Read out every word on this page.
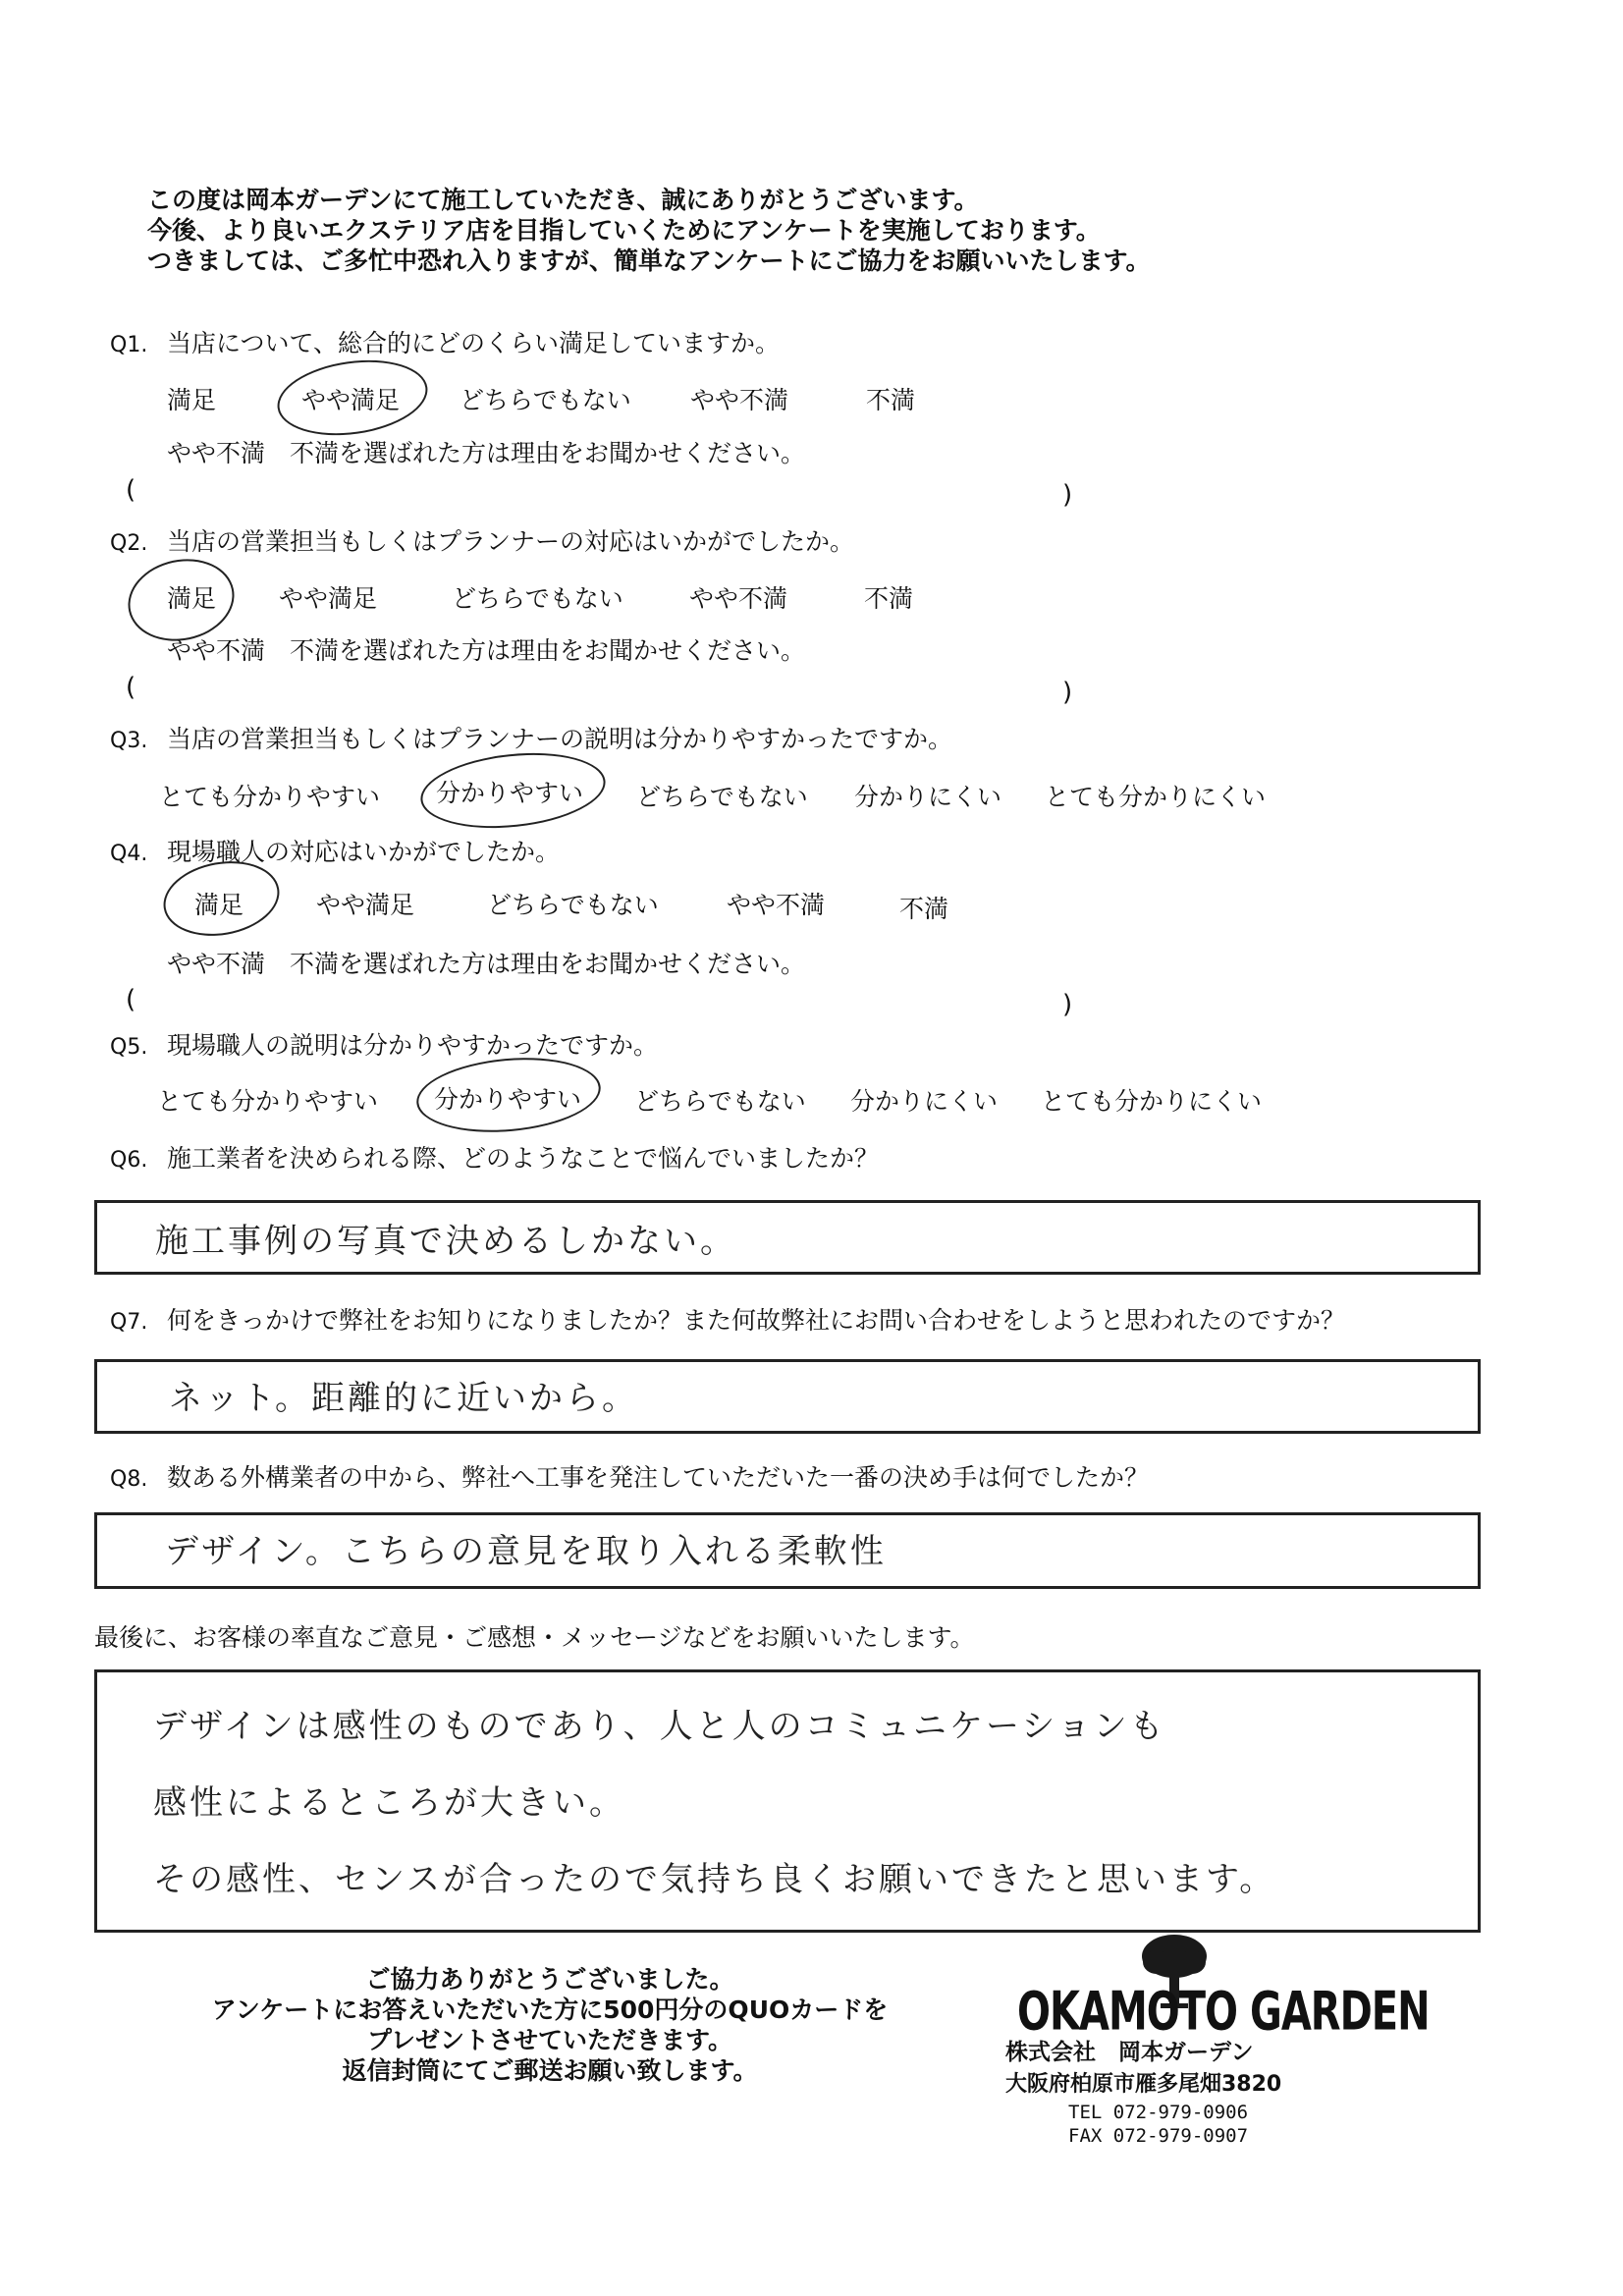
この度は岡本ガーデンにて施工していただき、誠にありがとうございます。
今後、より良いエクステリア店を目指していくためにアンケートを実施しております。
つきましては、ご多忙中恐れ入りますが、簡単なアンケートにご協力をお願いいたします。
Q1. 当店について、総合的にどのくらい満足していますか。
満足	やや満足 どちらでもない やや不満	不満
やや不満　不満を選ばれた方は理由をお聞かせください。
(	)
Q2. 当店の営業担当もしくはプランナーの対応はいかがでしたか。
満足	やや満足	どちらでもない	やや不満	不満
やや不満　不満を選ばれた方は理由をお聞かせください。
(	)
Q3. 当店の営業担当もしくはプランナーの説明は分かりやすかったですか。
とても分かりやすい 分かりやすい どちらでもない 分かりにくい とても分かりにくい
Q4. 現場職人の対応はいかがでしたか。
満足	やや満足	どちらでもない	やや不満	不満
やや不満　不満を選ばれた方は理由をお聞かせください。
(	)
Q5. 現場職人の説明は分かりやすかったですか。
とても分かりやすい 分かりやすい どちらでもない 分かりにくい とても分かりにくい
Q6. 施工業者を決められる際、どのようなことで悩んでいましたか？
施工事例の写真で決めるしかない。
Q7. 何をきっかけで弊社をお知りになりましたか？また何故弊社にお問い合わせをしようと思われたのですか？
ネット。距離的に近いから。
Q8. 数ある外構業者の中から、弊社へ工事を発注していただいた一番の決め手は何でしたか？
デザイン。こちらの意見を取り入れる柔軟性
最後に、お客様の率直なご意見・ご感想・メッセージなどをお願いいたします。
デザインは感性のものであり、人と人のコミュニケーションも
感性によるところが大きい。
その感性、センスが合ったので気持ち良くお願いできたと思います。
ご協力ありがとうございました。
アンケートにお答えいただいた方に500円分のQUOカードを
プレゼントさせていただきます。
返信封筒にてご郵送お願い致します。
OKAMOTO GARDEN
株式会社　岡本ガーデン
大阪府柏原市雁多尾畑3820
TEL 072-979-0906
FAX 072-979-0907
